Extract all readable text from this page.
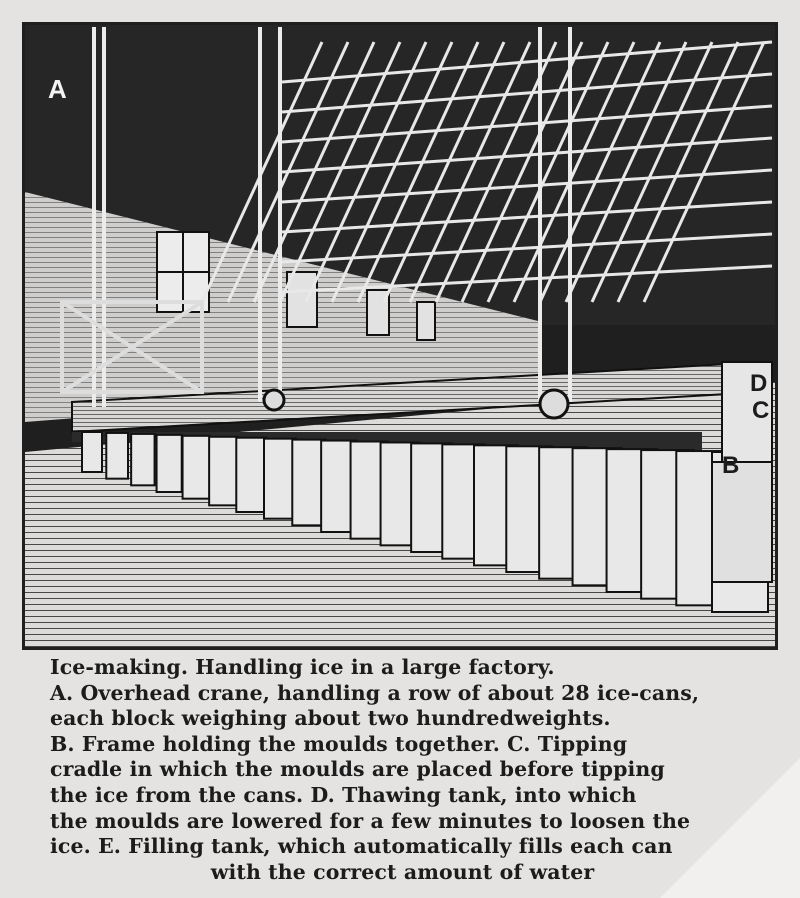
A
D
C
B
Ice-making. Handling ice in a large factory.
A. Overhead crane, handling a row of about 28 ice-cans,
each block weighing about two hundredweights.
B. Frame holding the moulds together. C. Tipping
cradle in which the moulds are placed before tipping
the ice from the cans. D. Thawing tank, into which
the moulds are lowered for a few minutes to loosen the
ice. E. Filling tank, which automatically fills each can
with the correct amount of water
